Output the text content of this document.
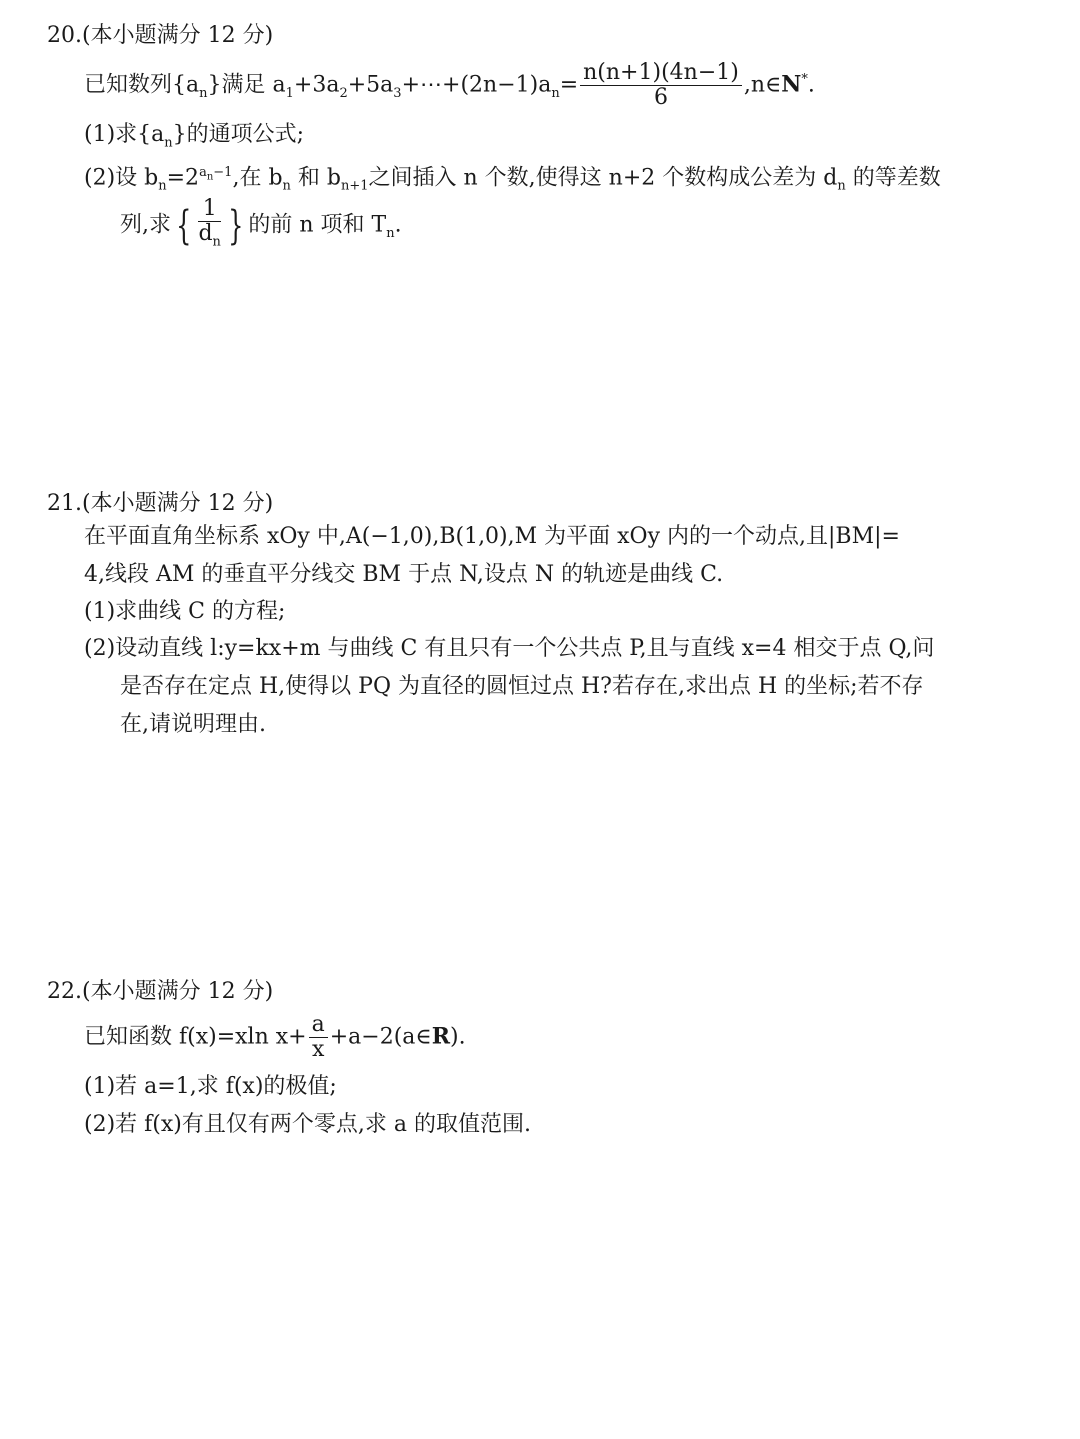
20.(本小题满分 12 分)
已知数列$\{a_n\}$满足 $a_1+3a_2+5a_3+\cdots+(2n-1)a_n= \frac{n(n+1)(4n-1)}{6}$ ,n∈N*.
(1)求$\{a_n\}$的通项公式;
(2)设 $b_n=2^{a_n-1}$,在 $b_n$ 和 $b_{n+1}$之间插入 n 个数,使得这 n+2 个数构成公差为 $d_n$ 的等差数
列,求 { $\frac{1}{d_n}$ } 的前 n 项和 $T_n$.
21.(本小题满分 12 分)
在平面直角坐标系 xOy 中,A(−1,0),B(1,0),M 为平面 xOy 内的一个动点,且|BM|=
4,线段 AM 的垂直平分线交 BM 于点 N,设点 N 的轨迹是曲线 C.
(1)求曲线 C 的方程;
(2)设动直线 l:y=kx+m 与曲线 C 有且只有一个公共点 P,且与直线 x=4 相交于点 Q,问
是否存在定点 H,使得以 PQ 为直径的圆恒过点 H?若存在,求出点 H 的坐标;若不存
在,请说明理由.
22.(本小题满分 12 分)
已知函数 f(x)=xln $x+ \frac{a}{x}$ +a−2(a∈R).
(1)若 a=1,求 f(x)的极值;
(2)若 f(x)有且仅有两个零点,求 a 的取值范围.
